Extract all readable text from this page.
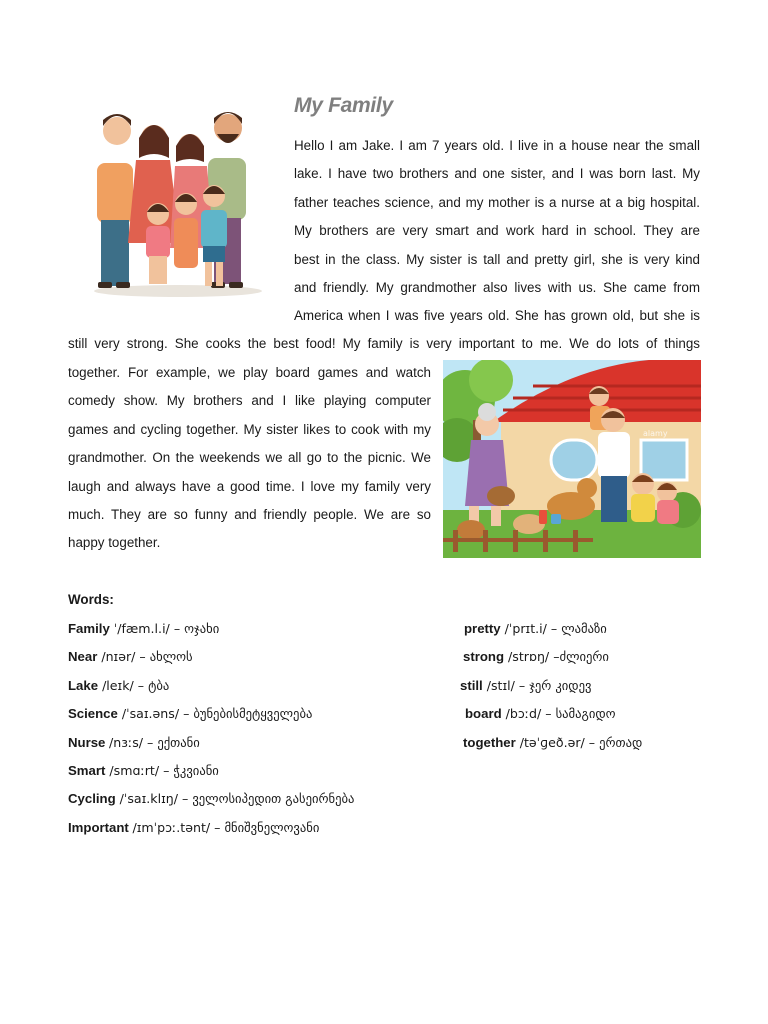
My Family
Hello I am Jake. I am 7 years old. I live in a house near the small
lake. I have two brothers and one sister, and I was born last. My
father teaches science, and my mother is a nurse at a big hospital.
My brothers are very smart and work hard in school. They are
best in the class. My sister is tall and pretty girl, she is very kind
and friendly. My grandmother also lives with us. She came from
America when I was five years old. She has grown old, but she is
still very strong. She cooks the best food! My family is very important to me. We do lots of things
together. For example, we play board games and watch
comedy show. My brothers and I like playing computer
games and cycling together. My sister likes to cook with my
grandmother. On the weekends we all go to the picnic. We
laugh and always have a good time. I love my family very
much. They are so funny and friendly people. We are so
happy together.
alamy
Words:
Family ˈ/fæm.l.i/ – ოჯახი
Near /nɪər/ – ახლოს
Lake /leɪk/ – ტბა
Science /ˈsaɪ.əns/ – ბუნებისმეტყველება
Nurse /nɜːs/ – ექთანი
Smart /smɑːrt/ – ჭკვიანი
Cycling /ˈsaɪ.klɪŋ/ – ველოსიპედით გასეირნება
Important /ɪmˈpɔː.tənt/ – მნიშვნელოვანი
pretty /ˈprɪt.i/ – ლამაზი
strong /strɒŋ/ –ძლიერი
still /stɪl/ – ჯერ კიდევ
board /bɔːd/ – სამაგიდო
together /təˈɡeð.ər/ – ერთად
